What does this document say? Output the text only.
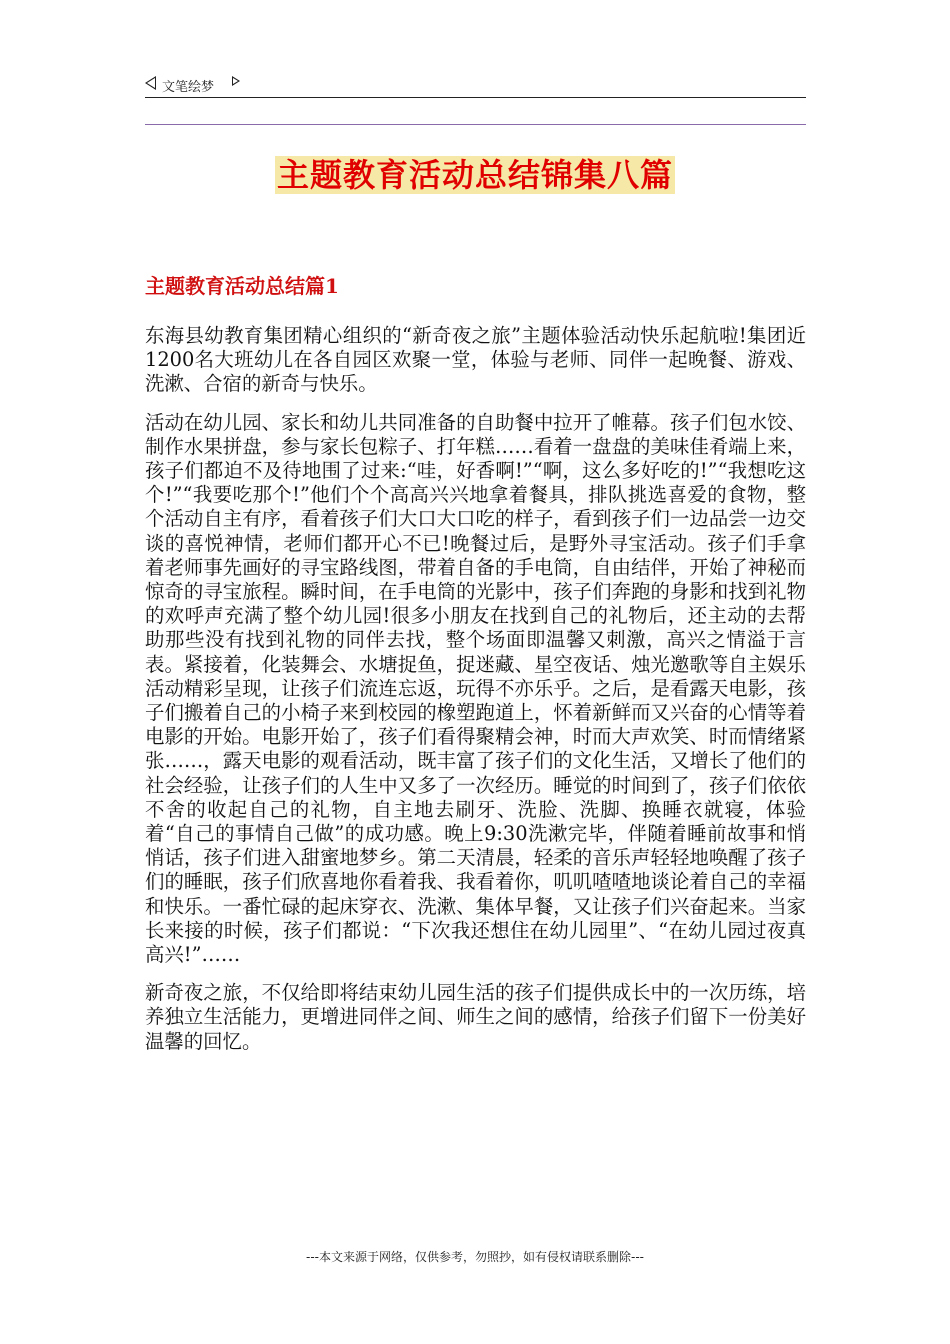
文笔绘梦
主题教育活动总结锦集八篇
主题教育活动总结篇1

东海县幼教育集团精心组织的“新奇夜之旅”主题体验活动快乐起航啦!集团近1200名大班幼儿在各自园区欢聚一堂，体验与老师、同伴一起晚餐、游戏、洗漱、合宿的新奇与快乐。

活动在幼儿园、家长和幼儿共同准备的自助餐中拉开了帷幕。孩子们包水饺、制作水果拼盘，参与家长包粽子、打年糕……看着一盘盘的美味佳肴端上来，孩子们都迫不及待地围了过来:“哇，好香啊!”“啊，这么多好吃的!”“我想吃这个!”“我要吃那个!”他们个个高高兴兴地拿着餐具，排队挑选喜爱的食物，整个活动自主有序，看着孩子们大口大口吃的样子，看到孩子们一边品尝一边交谈的喜悦神情，老师们都开心不已!晚餐过后，是野外寻宝活动。孩子们手拿着老师事先画好的寻宝路线图，带着自备的手电筒，自由结伴，开始了神秘而惊奇的寻宝旅程。瞬时间，在手电筒的光影中，孩子们奔跑的身影和找到礼物的欢呼声充满了整个幼儿园!很多小朋友在找到自己的礼物后，还主动的去帮助那些没有找到礼物的同伴去找，整个场面即温馨又刺激，高兴之情溢于言表。紧接着，化装舞会、水塘捉鱼，捉迷藏、星空夜话、烛光邀歌等自主娱乐活动精彩呈现，让孩子们流连忘返，玩得不亦乐乎。之后，是看露天电影，孩子们搬着自己的小椅子来到校园的橡塑跑道上，怀着新鲜而又兴奋的心情等着电影的开始。电影开始了，孩子们看得聚精会神，时而大声欢笑、时而情绪紧张……，露天电影的观看活动，既丰富了孩子们的文化生活，又增长了他们的社会经验，让孩子们的人生中又多了一次经历。睡觉的时间到了，孩子们依依不舍的收起自己的礼物，自主地去刷牙、洗脸、洗脚、换睡衣就寝，体验着“自己的事情自己做”的成功感。晚上9:30洗漱完毕，伴随着睡前故事和悄悄话，孩子们进入甜蜜地梦乡。第二天清晨，轻柔的音乐声轻轻地唤醒了孩子们的睡眠，孩子们欣喜地你看着我、我看着你，叽叽喳喳地谈论着自己的幸福和快乐。一番忙碌的起床穿衣、洗漱、集体早餐，又让孩子们兴奋起来。当家长来接的时候，孩子们都说：“下次我还想住在幼儿园里”、“在幼儿园过夜真高兴!”……

新奇夜之旅，不仅给即将结束幼儿园生活的孩子们提供成长中的一次历练，培养独立生活能力，更增进同伴之间、师生之间的感情，给孩子们留下一份美好温馨的回忆。

---本文来源于网络，仅供参考，勿照抄，如有侵权请联系删除---
